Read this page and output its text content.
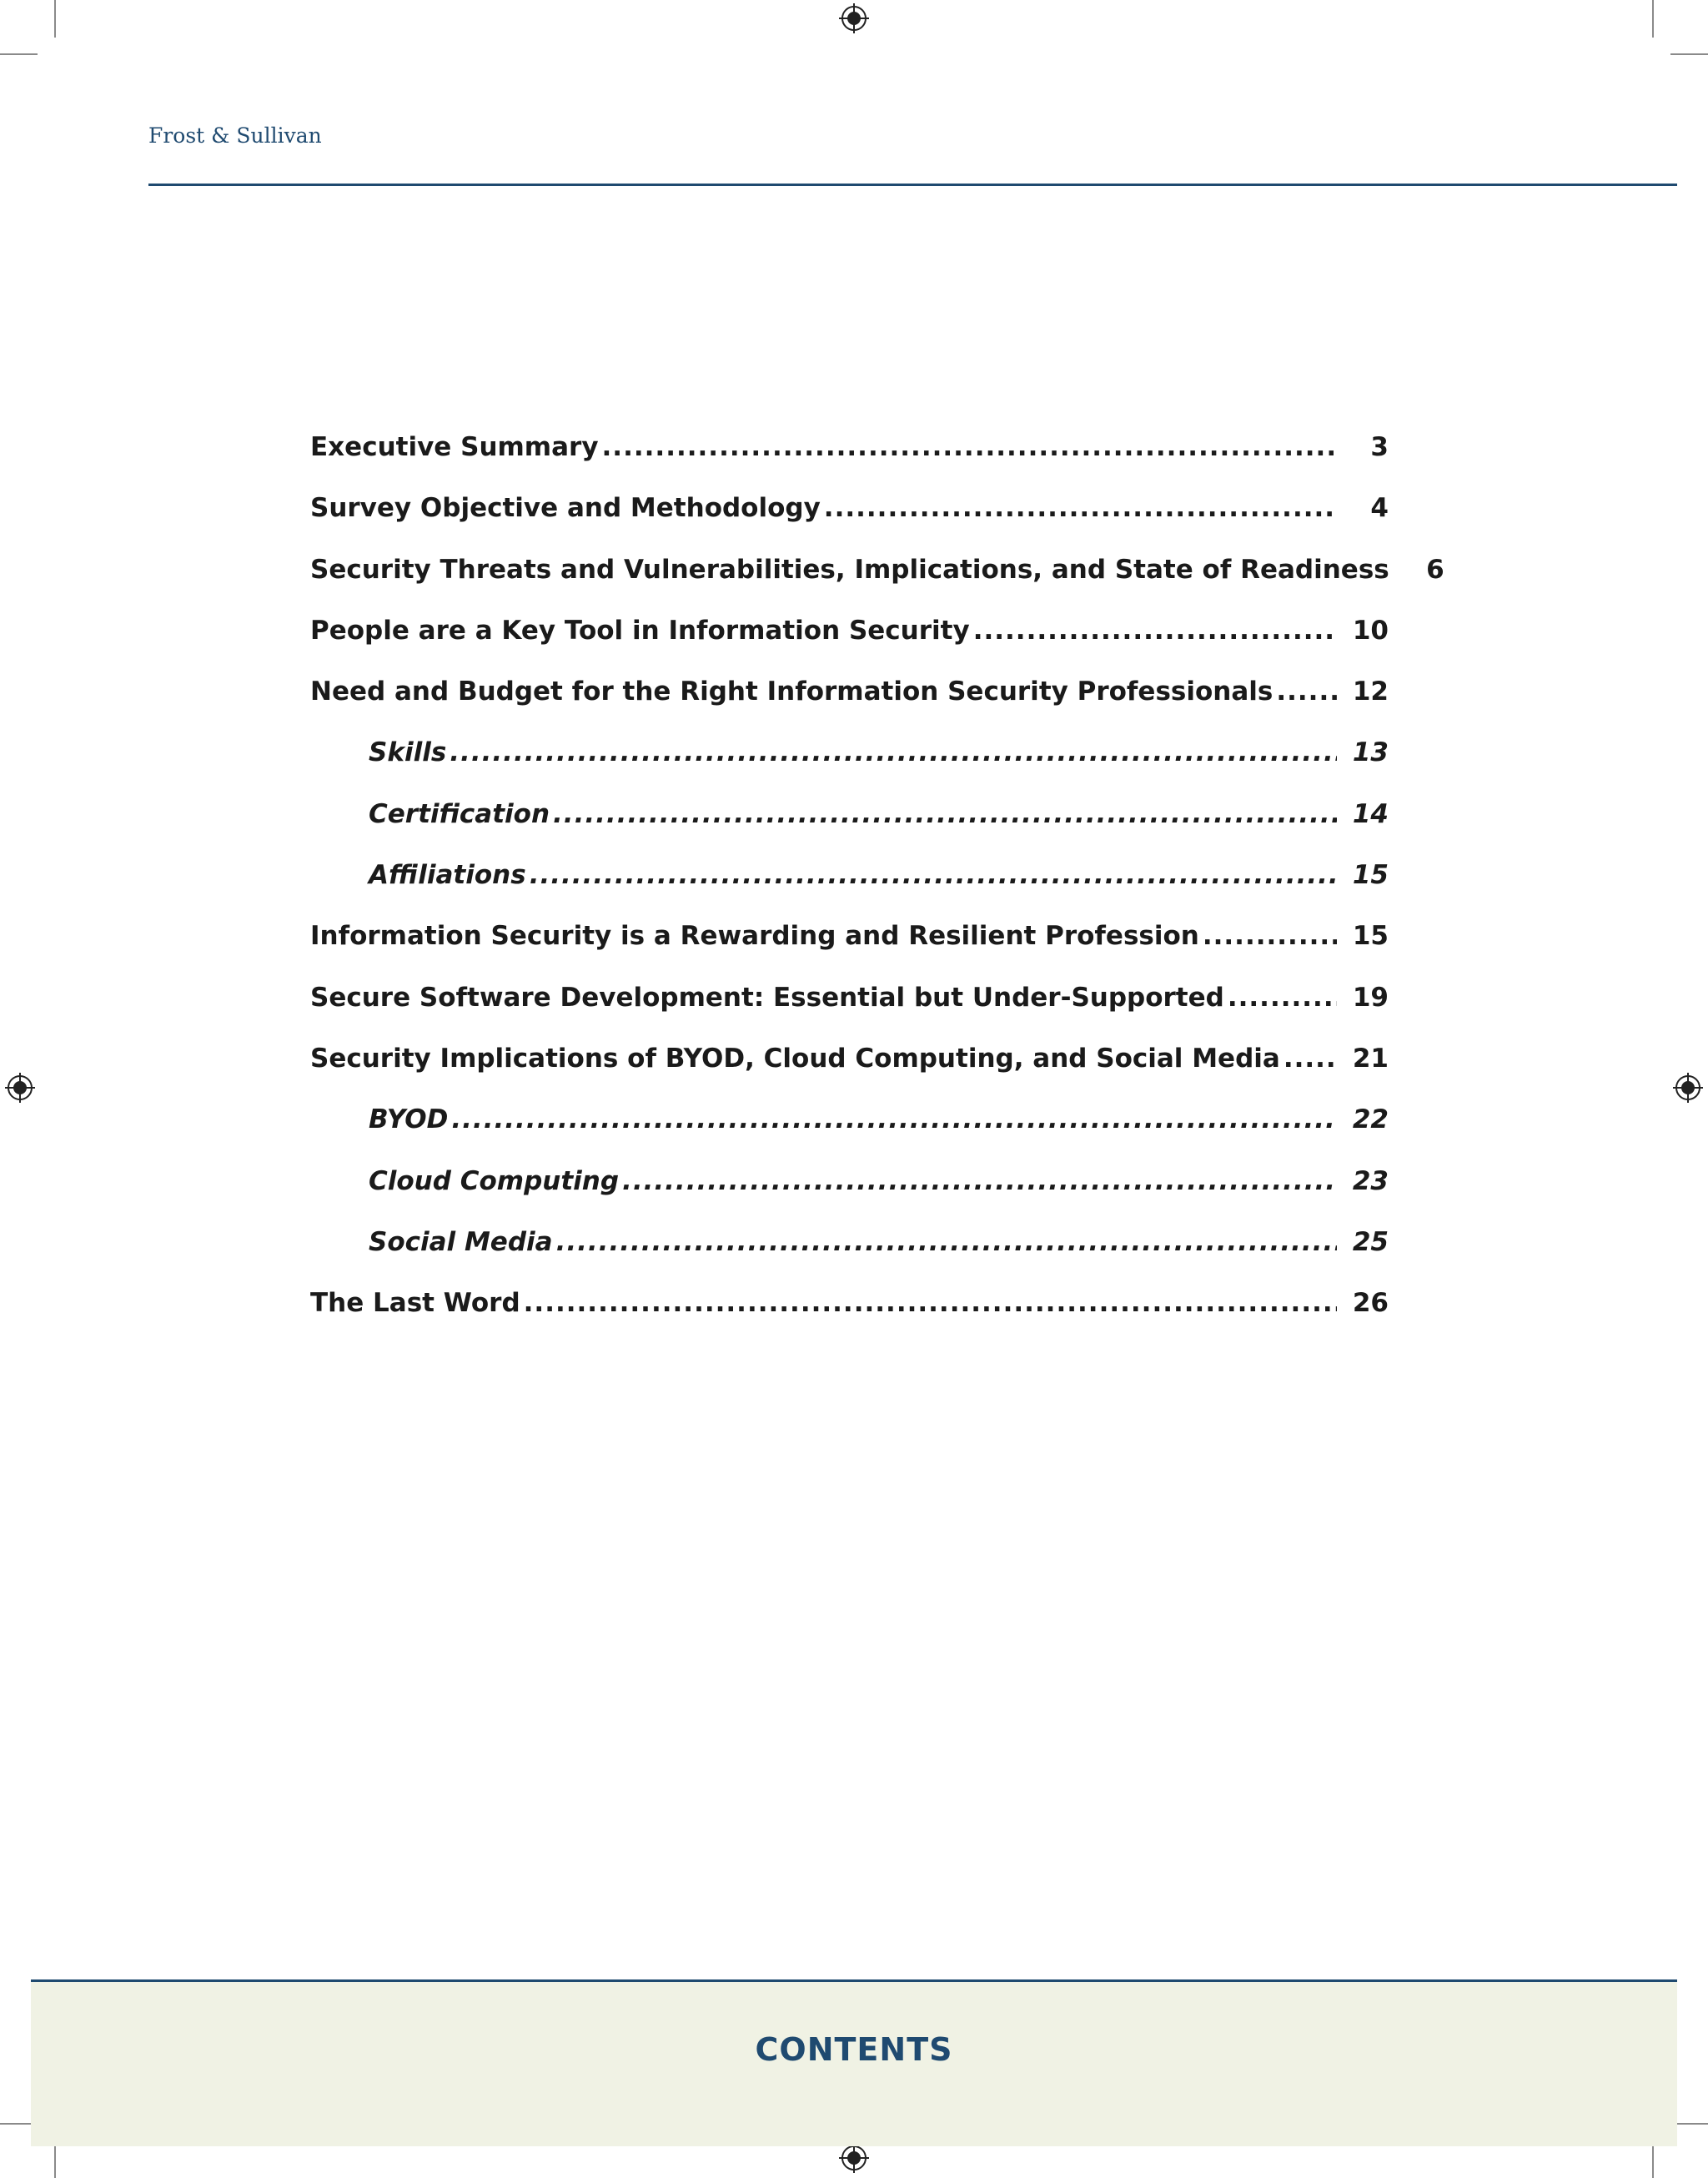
Frost & Sullivan
Executive Summary .....	3
Survey Objective and Methodology .....	4
Security Threats and Vulnerabilities, Implications, and State of Readiness	6
People are a Key Tool in Information Security .....	10
Need and Budget for the Right Information Security Professionals .....	12
Skills .....	13
Certification .....	14
Affiliations .....	15
Information Security is a Rewarding and Resilient Profession .....	15
Secure Software Development: Essential but Under-Supported .....	19
Security Implications of BYOD, Cloud Computing, and Social Media .....	21
BYOD .....	22
Cloud Computing .....	23
Social Media .....	25
The Last Word .....	26
CONTENTS
